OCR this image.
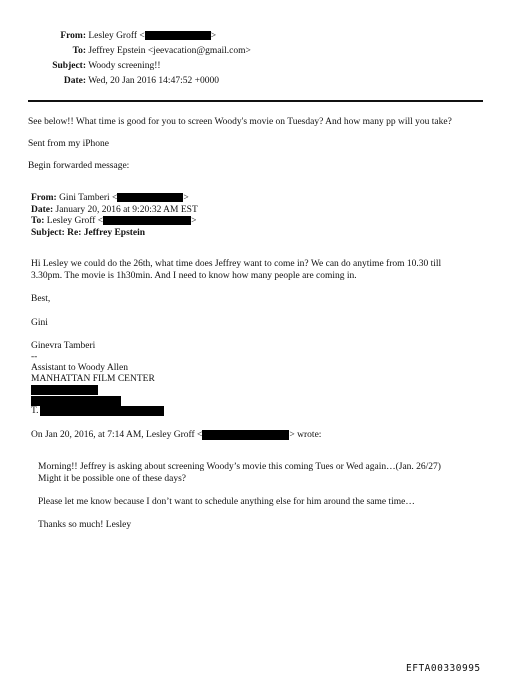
From: Lesley Groff <	>
To: Jeffrey Epstein <jeevacation@gmail.com>
Subject: Woody screening!!
Date: Wed, 20 Jan 2016 14:47:52 +0000
See below!! What time is good for you to screen Woody's movie on Tuesday? And how many pp will you take?
Sent from my iPhone
Begin forwarded message:
From: Gini Tamberi <	>
Date: January 20, 2016 at 9:20:32 AM EST
To: Lesley Groff <	>
Subject: Re: Jeffrey Epstein
Hi Lesley we could do the 26th, what time does Jeffrey want to come in? We can do anytime from 10.30 till
3.30pm. The movie is 1h30min. And I need to know how many people are coming in.
Best,
Gini
Ginevra Tamberi
--
Assistant to Woody Allen
MANHATTAN FILM CENTER
T.
On Jan 20, 2016, at 7:14 AM, Lesley Groff <	> wrote:
Morning!! Jeffrey is asking about screening Woody’s movie this coming Tues or Wed again…(Jan. 26/27)
Might it be possible one of these days?
Please let me know because I don’t want to schedule anything else for him around the same time…
Thanks so much! Lesley
EFTA00330995
